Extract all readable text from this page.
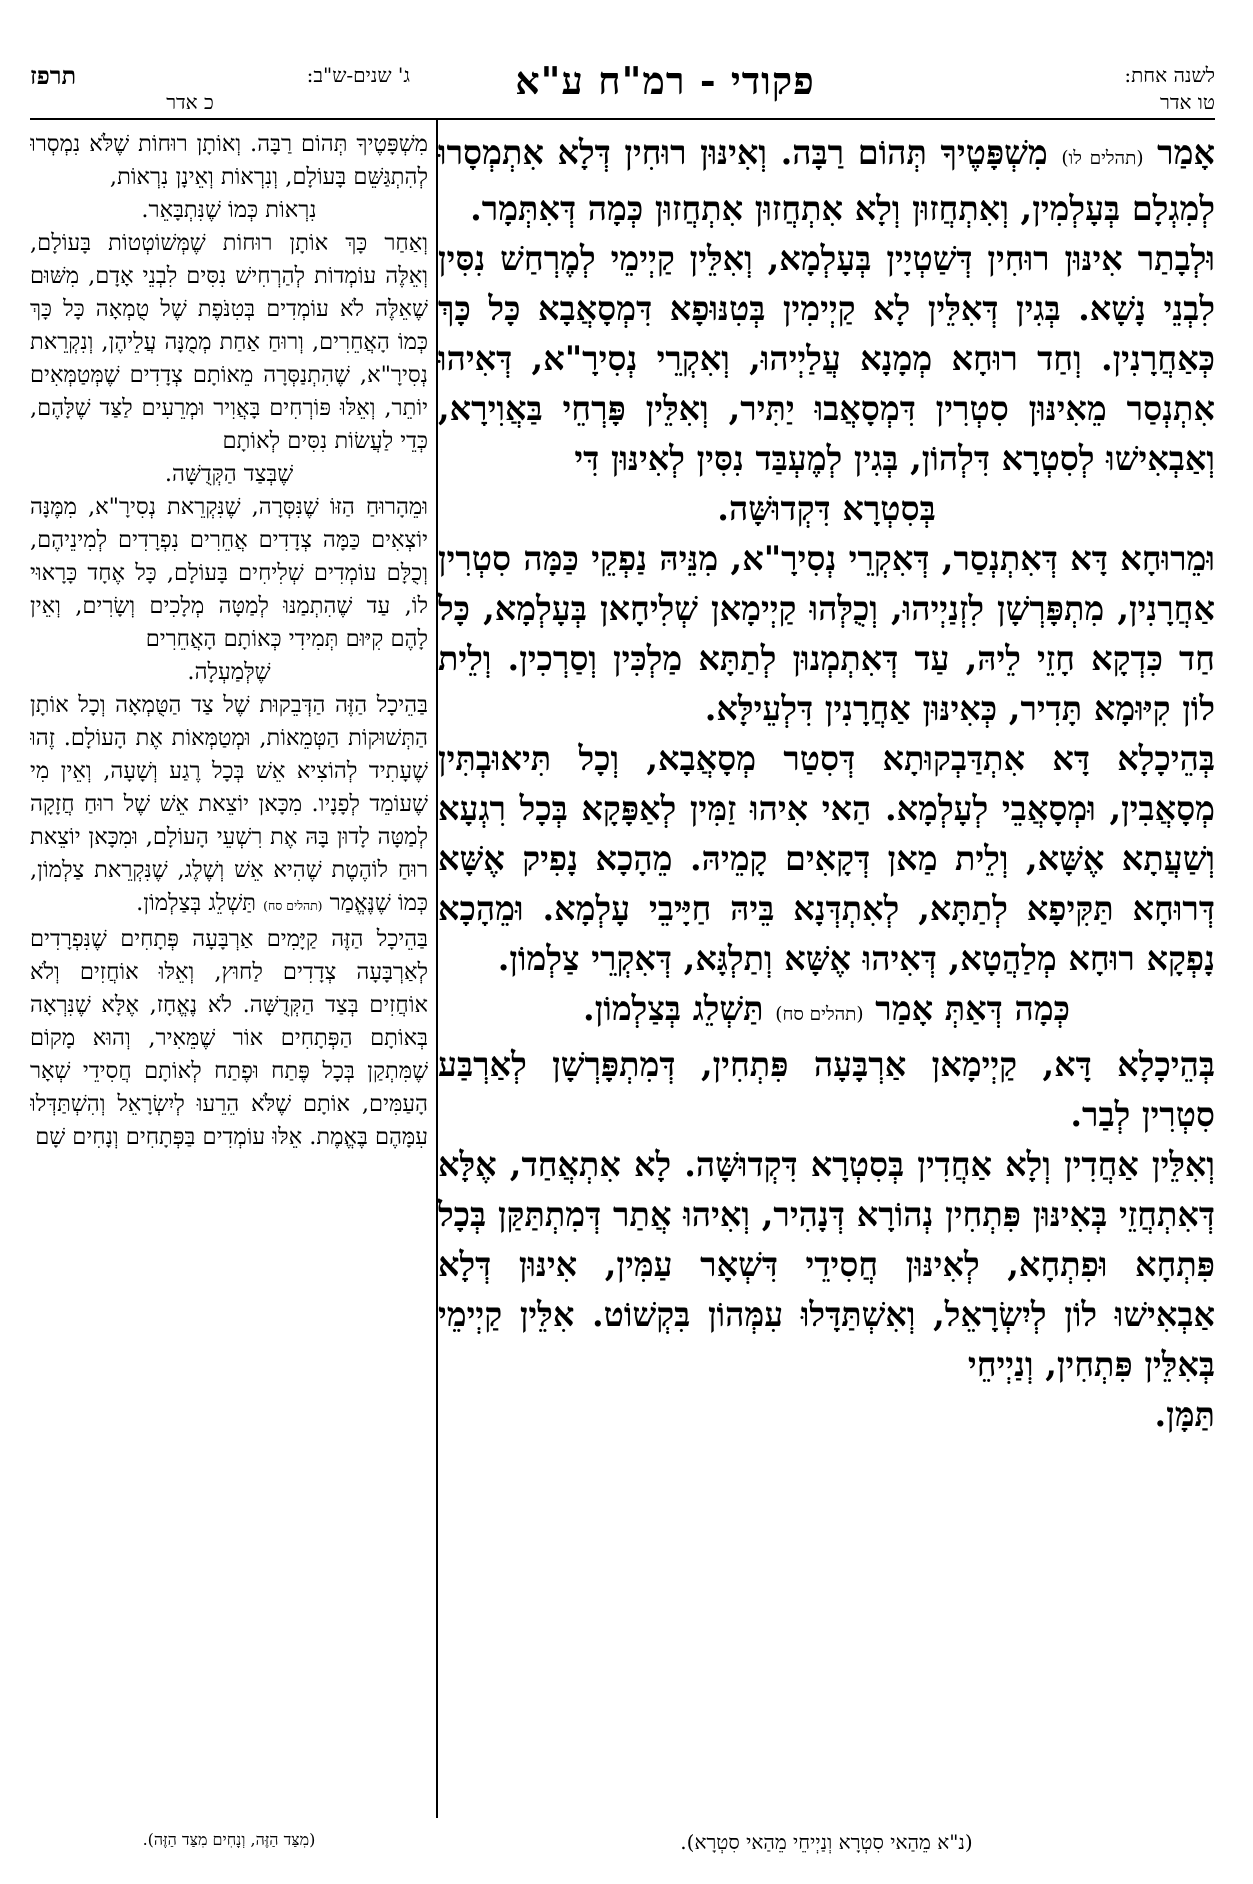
לשנה אחת:
טו אדר
פקודי - רמ"ח ע"א
ג' שנים-ש"ב:
תרפז
כ אדר

אָמַר (תהלים לו) מִשְׁפָּטֶיךָ תְּהוֹם רַבָּה. וְאִינּוּן רוּחִין דְּלָא אִתְמְסָרוּ לְמִגְלָם בְּעָלְמִין, וְאִתְחֲזוּן וְלָא אִתְחֲזוּן אִתְחֲזוּן כְּמָה דְּאִתְּמָר.

וּלְבָתַר אִינּוּן רוּחִין דְּשַׁטְיָין בְּעָלְמָא, וְאִלֵּין קַיְימֵי לְמֶרְחַשׁ נִסִּין לִבְנֵי נָשָׁא. בְּגִין דְּאִלֵּין לָא קַיְימִין בְּטִנּוּפָא דִּמְסָאֲבָא כָּל כָּךְ כְּאַחֲרָנִין. וְחַד רוּחָא מְמָנָא עֲלַיְיהוּ, וְאִקְרֵי נְסִירָ"א, דְּאִיהוּ אִתְנְסַר מֵאִינּוּן סִטְרִין דִּמְסָאֲבוּ יַתִּיר, וְאִלֵּין פָּרְחֵי בַּאֲוִירָא, וְאַבְאִישׁוּ לְסִטְרָא דִּלְהוֹן, בְּגִין לְמֶעְבַּד נִסִּין לְאִינּוּן דִּי

בְּסִטְרָא דִּקְדוּשָּׁה.

וּמֵרוּחָא דָּא דְּאִתְנְסַר, דְּאִקְרֵי נְסִירָ"א, מִנֵּיהּ נַפְקֵי כַּמָּה סִטְרִין אַחֲרָנִין, מִתְפָּרְשָׁן לִזְנַיְיהוּ, וְכֻלְּהוּ קַיְימָאן שְׁלִיחָאן בְּעָלְמָא, כָּל חַד כִּדְקָא חָזֵי לֵיהּ, עַד דְּאִתְמְנוּן לְתַתָּא מַלְכִּין וְסַרְכִין. וְלֵית לוֹן קִיּוּמָא תָּדִיר, כְּאִינּוּן אַחֲרָנִין דִּלְעֵילָּא.

בְּהֵיכָלָא דָּא אִתְדַּבְקוּתָא דְּסִטַר מְסָאֲבָא, וְכָל תִּיאוּבְתִּין מְסָאֲבִין, וּמְסָאֲבֵי לְעָלְמָא. הַאי אִיהוּ זַמִּין לְאַפָּקָא בְּכָל רִגְעָא וְשַׁעֲתָא אֶשָּׁא, וְלֵית מַאן דְּקָאִים קָמֵיהּ. מֵהָכָא נָפִיק אֶשָּׁא דְּרוּחָא תַּקִּיפָא לְתַתָּא, לְאִתְדְּנָא בֵּיהּ חַיָּיבֵי עָלְמָא. וּמֵהָכָא נָפְקָא רוּחָא מְלַהֲטָא, דְּאִיהוּ אֶשָּׁא וְתַלְגָּא, דְּאִקְרֵי צַלְמוֹן.

כְּמָה דְּאַתְּ אָמַר (תהלים סח) תַּשְׁלֵג בְּצַלְמוֹן.

בְּהֵיכָלָא דָּא, קַיְימָאן אַרְבָּעָה פִּתְחִין, דְּמִתְפָּרְשָׁן לְאַרְבַּע סִטְרִין לְבַר.

וְאִלֵּין אַחֲדִין וְלָא אַחֲדִין בְּסִטְרָא דִּקְדוּשָּׁה. לָא אִתְאֲחַד, אֶלָּא דְּאִתְחֲזֵי בְּאִינּוּן פִּתְחִין נְהוֹרָא דְּנָהִיר, וְאִיהוּ אֲתַר דְּמִתְתַּקַּן בְּכָל פִּתְחָא וּפִתְחָא, לְאִינּוּן חֲסִידֵי דִּשְׁאָר עַמִּין, אִינּוּן דְּלָא אַבְאִישׁוּ לוֹן לְיִשְׂרָאֵל, וְאִשְׁתַּדָּלוּ עִמְּהוֹן בִּקְשׁוֹט. אִלֵּין קַיְימֵי בְּאִלֵּין פִּתְחִין, וְנַיְיחֵי

תַּמָּן.

מִשְׁפָּטֶיךָ תְּהוֹם רַבָּה. וְאוֹתָן רוּחוֹת שֶׁלֹּא נִמְסְרוּ לְהִתְגַּשֵּׁם בָּעוֹלָם, וְנִרְאוֹת וְאֵינָן נִרְאוֹת,

נִרְאוֹת כְּמוֹ שֶׁנִּתְבָּאֵר.

וְאַחַר כָּךְ אוֹתָן רוּחוֹת שֶׁמְּשׁוֹטְטוֹת בָּעוֹלָם, וְאֵלֶּה עוֹמְדוֹת לְהַרְחִישׁ נִסִּים לִבְנֵי אָדָם, מִשּׁוּם שֶׁאֵלֶּה לֹא עוֹמְדִים בְּטִנֹּפֶת שֶׁל טֻמְאָה כָּל כָּךְ כְּמוֹ הָאֲחֵרִים, וְרוּחַ אַחַת מְמֻנָּה עֲלֵיהֶן, וְנִקְרֵאת נְסִירָ"א, שֶׁהִתְנַסְּרָה מֵאוֹתָם צְדָדִים שֶׁמְּטַמְּאִים יוֹתֵר, וְאֵלּוּ פּוֹרְחִים בָּאֲוִיר וּמְרֵעִים לַצַּד שֶׁלָּהֶם, כְּדֵי לַעֲשׂוֹת נִסִּים לְאוֹתָם

שֶׁבְּצַד הַקְּדֻשָּׁה.

וּמֵהָרוּחַ הַזּוֹ שֶׁנִּסְּרָה, שֶׁנִּקְרֵאת נְסִירָ"א, מִמֶּנָּה יוֹצְאִים כַּמָּה צְדָדִים אֲחֵרִים נִפְרָדִים לְמִינֵיהֶם, וְכֻלָּם עוֹמְדִים שְׁלִיחִים בָּעוֹלָם, כָּל אֶחָד כָּרָאוּי לוֹ, עַד שֶׁהִתְמַנּוּ לְמַטָּה מְלָכִים וְשָׂרִים, וְאֵין לָהֶם קִיּוּם תְּמִידִי כְּאוֹתָם הָאֲחֵרִים

שֶׁלְּמַעְלָה.

בַּהֵיכָל הַזֶּה הַדְּבֵקוּת שֶׁל צַד הַטֻּמְאָה וְכָל אוֹתָן הַתְּשׁוּקוֹת הַטְּמֵאוֹת, וּמְטַמְּאוֹת אֶת הָעוֹלָם. זֶהוּ שֶׁעָתִיד לְהוֹצִיא אֵשׁ בְּכָל רֶגַע וְשָׁעָה, וְאֵין מִי שֶׁעוֹמֵד לְפָנָיו. מִכָּאן יוֹצֵאת אֵשׁ שֶׁל רוּחַ חֲזָקָה לְמַטָּה לָדוּן בָּהּ אֶת רִשְׁעֵי הָעוֹלָם, וּמִכָּאן יוֹצֵאת רוּחַ לוֹהֶטֶת שֶׁהִיא אֵשׁ וְשֶׁלֶג, שֶׁנִּקְרֵאת צַלְמוֹן, כְּמוֹ שֶׁנֶּאֱמַר (תהלים סח) תַּשְׁלֵג בְּצַלְמוֹן.

בַּהֵיכָל הַזֶּה קַיָּמִים אַרְבָּעָה פְּתָחִים שֶׁנִּפְרָדִים לְאַרְבָּעָה צְדָדִים לַחוּץ, וְאֵלּוּ אוֹחֲזִים וְלֹא אוֹחֲזִים בְּצַד הַקְּדֻשָּׁה. לֹא נֶאֱחָז, אֶלָּא שֶׁנִּרְאָה בְּאוֹתָם הַפְּתָחִים אוֹר שֶׁמֵּאִיר, וְהוּא מָקוֹם שֶׁמִּתְקַן בְּכָל פֶּתַח וּפֶתַח לְאוֹתָם חֲסִידֵי שְׁאָר הָעַמִּים, אוֹתָם שֶׁלֹּא הֵרֵעוּ לְיִשְׂרָאֵל וְהִשְׁתַּדְּלוּ עִמָּהֶם בֶּאֱמֶת. אֵלּוּ עוֹמְדִים בַּפְּתָחִים וְנָחִים שָׁם

(נ"א מֵהַאי סִטְרָא וְנַיְיחֵי מֵהַאי סִטְרָא).
(מִצַּד הַזֶּה, וְנָחִים מִצַּד הַזֶּה).
